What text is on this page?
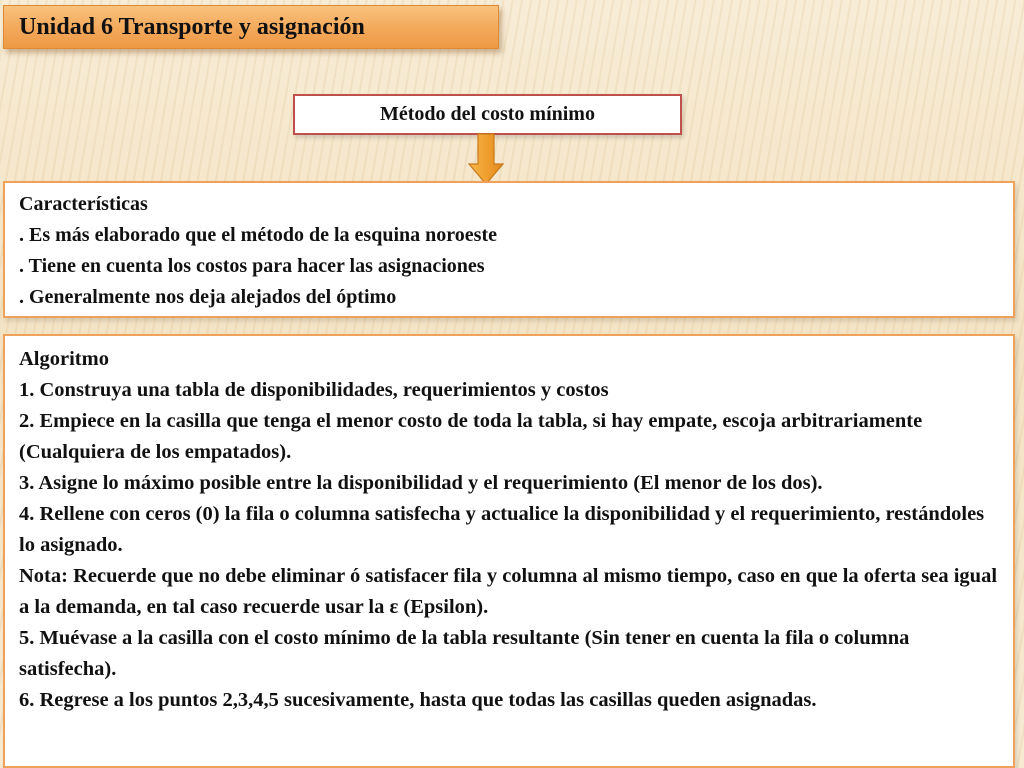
Unidad 6 Transporte y asignación
Método del costo mínimo
Características
. Es más elaborado que el método de la esquina noroeste
. Tiene en cuenta los costos para hacer las asignaciones
. Generalmente nos deja alejados del óptimo
Algoritmo
1. Construya una tabla de disponibilidades, requerimientos y costos
2. Empiece en la casilla que tenga el menor costo de toda la tabla, si hay empate, escoja arbitrariamente (Cualquiera de los empatados).
3. Asigne lo máximo posible entre la disponibilidad y el requerimiento (El menor de los dos).
4. Rellene con ceros (0) la fila o columna satisfecha y actualice la disponibilidad y el requerimiento, restándoles lo asignado.
Nota: Recuerde que no debe eliminar ó satisfacer fila y columna al mismo tiempo, caso en que la oferta sea igual a la demanda, en tal caso recuerde usar la ε (Epsilon).
5. Muévase a la casilla con el costo mínimo de la tabla resultante (Sin tener en cuenta la fila o columna satisfecha).
6. Regrese a los puntos 2,3,4,5 sucesivamente, hasta que todas las casillas queden asignadas.
